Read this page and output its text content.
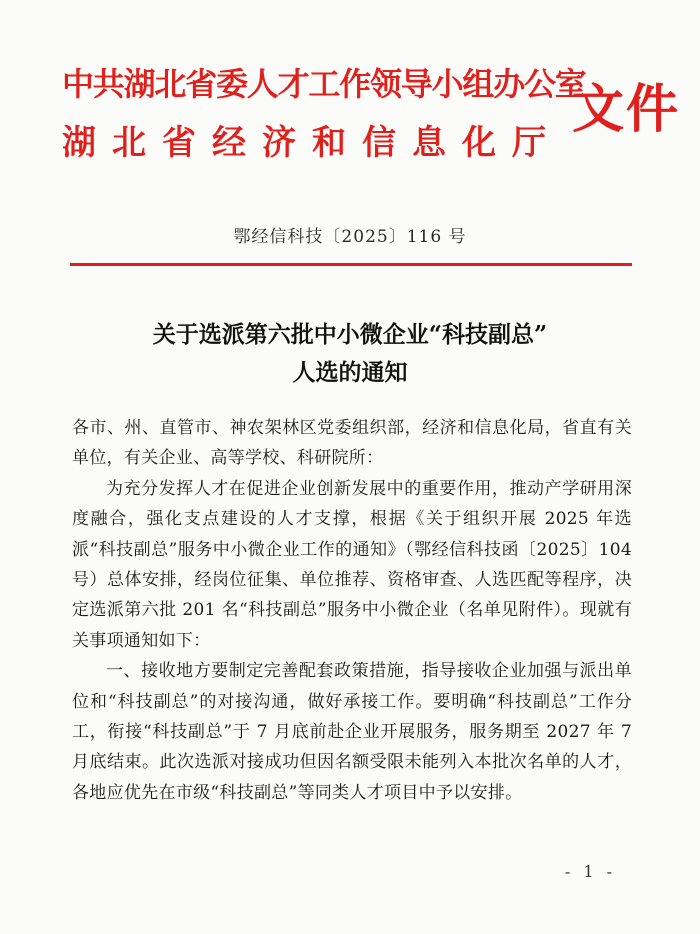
中共湖北省委人才工作领导小组办公室
湖北省经济和信息化厅
文件
鄂经信科技〔2025〕116 号
关于选派第六批中小微企业“科技副总”
人选的通知

各市、州、直管市、神农架林区党委组织部，经济和信息化局，省直有关单位，有关企业、高等学校、科研院所：

为充分发挥人才在促进企业创新发展中的重要作用，推动产学研用深度融合，强化支点建设的人才支撑，根据《关于组织开展 2025 年选派“科技副总”服务中小微企业工作的通知》（鄂经信科技函〔2025〕104 号）总体安排，经岗位征集、单位推荐、资格审查、人选匹配等程序，决定选派第六批 201 名“科技副总”服务中小微企业（名单见附件）。现就有关事项通知如下：

一、接收地方要制定完善配套政策措施，指导接收企业加强与派出单位和“科技副总”的对接沟通，做好承接工作。要明确“科技副总”工作分工，衔接“科技副总”于 7 月底前赴企业开展服务，服务期至 2027 年 7 月底结束。此次选派对接成功但因名额受限未能列入本批次名单的人才，各地应优先在市级“科技副总”等同类人才项目中予以安排。

- 1 -
